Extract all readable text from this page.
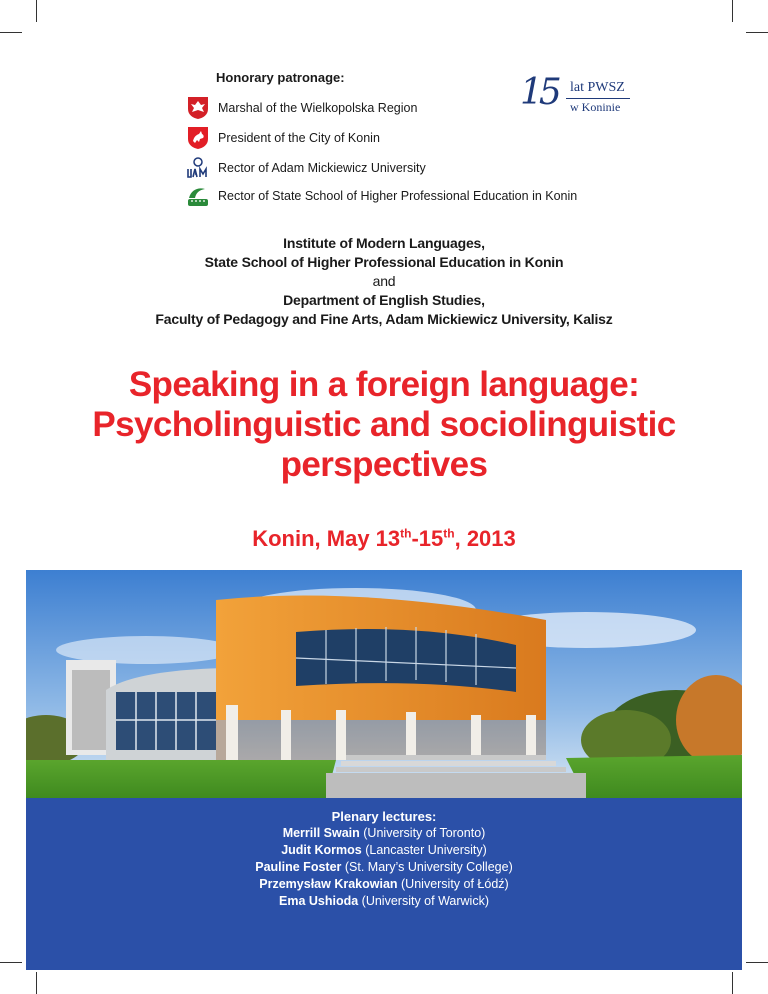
Honorary patronage:
Marshal of the Wielkopolska Region
President of the City of Konin
Rector of Adam Mickiewicz University
Rector of State School of Higher Professional Education in Konin
15 lat PWSZ
w Koninie
Institute of Modern Languages,
State School of Higher Professional Education in Konin
and
Department of English Studies,
Faculty of Pedagogy and Fine Arts, Adam Mickiewicz University, Kalisz
Speaking in a foreign language:
Psycholinguistic and sociolinguistic
perspectives
Konin, May 13th-15th, 2013
Plenary lectures:
Merrill Swain (University of Toronto)
Judit Kormos (Lancaster University)
Pauline Foster (St. Mary’s University College)
Przemysław Krakowian (University of Łódź)
Ema Ushioda (University of Warwick)
